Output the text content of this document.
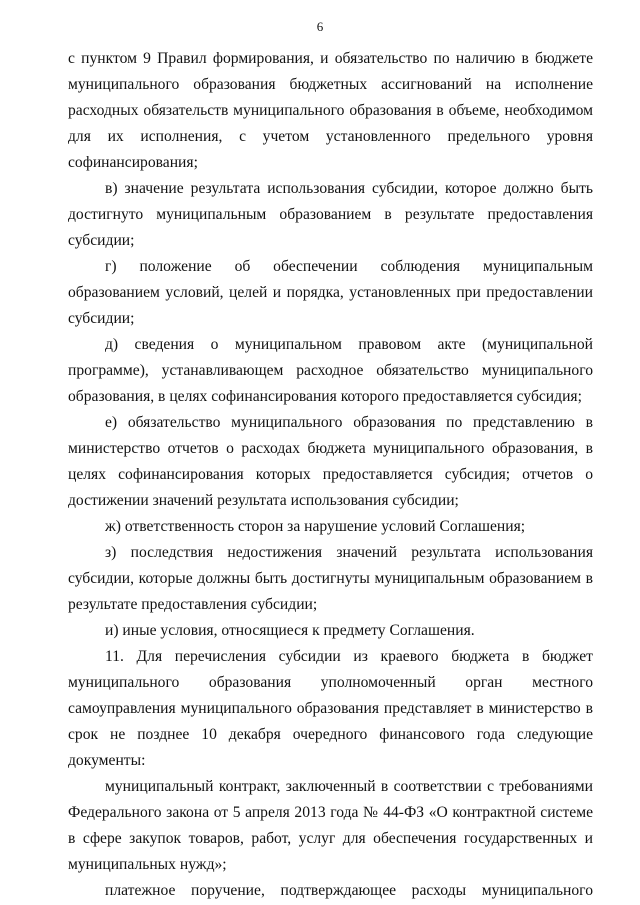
6

с пунктом 9 Правил формирования, и обязательство по наличию в бюджете муниципального образования бюджетных ассигнований на исполнение расходных обязательств муниципального образования в объеме, необходимом для их исполнения, с учетом установленного предельного уровня софинансирования;

в) значение результата использования субсидии, которое должно быть достигнуто муниципальным образованием в результате предоставления субсидии;

г) положение об обеспечении соблюдения муниципальным образованием условий, целей и порядка, установленных при предоставлении субсидии;

д) сведения о муниципальном правовом акте (муниципальной программе), устанавливающем расходное обязательство муниципального образования, в целях софинансирования которого предоставляется субсидия;

е) обязательство муниципального образования по представлению в министерство отчетов о расходах бюджета муниципального образования, в целях софинансирования которых предоставляется субсидия; отчетов о достижении значений результата использования субсидии;

ж) ответственность сторон за нарушение условий Соглашения;

з) последствия недостижения значений результата использования субсидии, которые должны быть достигнуты муниципальным образованием в результате предоставления субсидии;

и) иные условия, относящиеся к предмету Соглашения.

11. Для перечисления субсидии из краевого бюджета в бюджет муниципального образования уполномоченный орган местного самоуправления муниципального образования представляет в министерство в срок не позднее 10 декабря очередного финансового года следующие документы:

муниципальный контракт, заключенный в соответствии с требованиями Федерального закона от 5 апреля 2013 года № 44-ФЗ «О контрактной системе в сфере закупок товаров, работ, услуг для обеспечения государственных и муниципальных нужд»;

платежное поручение, подтверждающее расходы муниципального
